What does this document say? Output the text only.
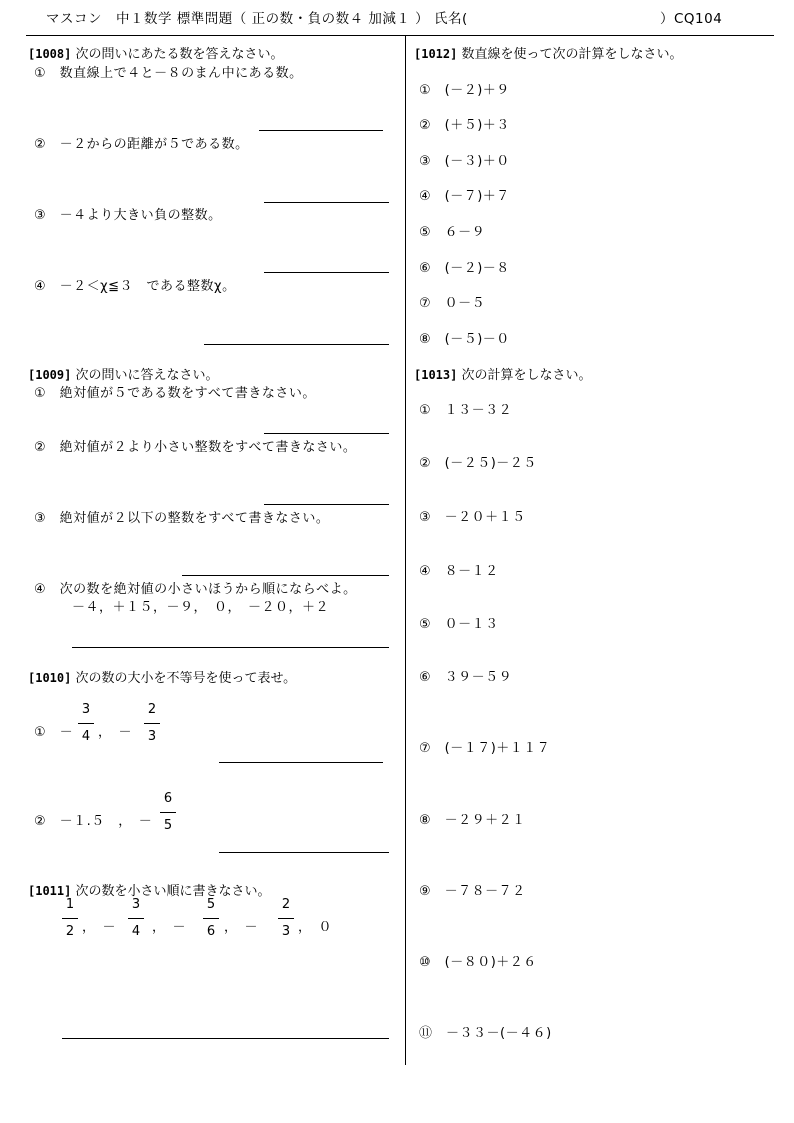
マスコン　中１数学 標準問題（ 正の数・負の数４ 加減１ ） 氏名(	）CQ104
[1008] 次の問いにあたる数を答えなさい。
①　数直線上で４と－８のまん中にある数。
②　－２からの距離が５である数。
③　－４より大きい負の整数。
④　－２＜χ≦３　である整数χ。
[1009] 次の問いに答えなさい。
①　絶対値が５である数をすべて書きなさい。
②　絶対値が２より小さい整数をすべて書きなさい。
③　絶対値が２以下の整数をすべて書きなさい。
④　次の数を絶対値の小さいほうから順にならべよ。
－４，＋１５，－９，　０，　－２０，＋２
[1010] 次の数の大小を不等号を使って表せ。
①　－
3
4 ，　－
2
3
②　－１.５　，　－
6
5
[1011] 次の数を小さい順に書きなさい。
1
2 ，　－
3
4 ，　－
5
6 ，　－
2
3 ，　０
[1012] 数直線を使って次の計算をしなさい。
①　(－２)＋９
②　(＋５)＋３
③　(－３)＋０
④　(－７)＋７
⑤　６－９
⑥　(－２)－８
⑦　０－５
⑧　(－５)－０
[1013] 次の計算をしなさい。
①　１３－３２
②　(－２５)－２５
③　－２０＋１５
④　８－１２
⑤　０－１３
⑥　３９－５９
⑦　(－１７)＋１１７
⑧　－２９＋２１
⑨　－７８－７２
⑩　(－８０)＋２６
⑪　－３３－(－４６)
